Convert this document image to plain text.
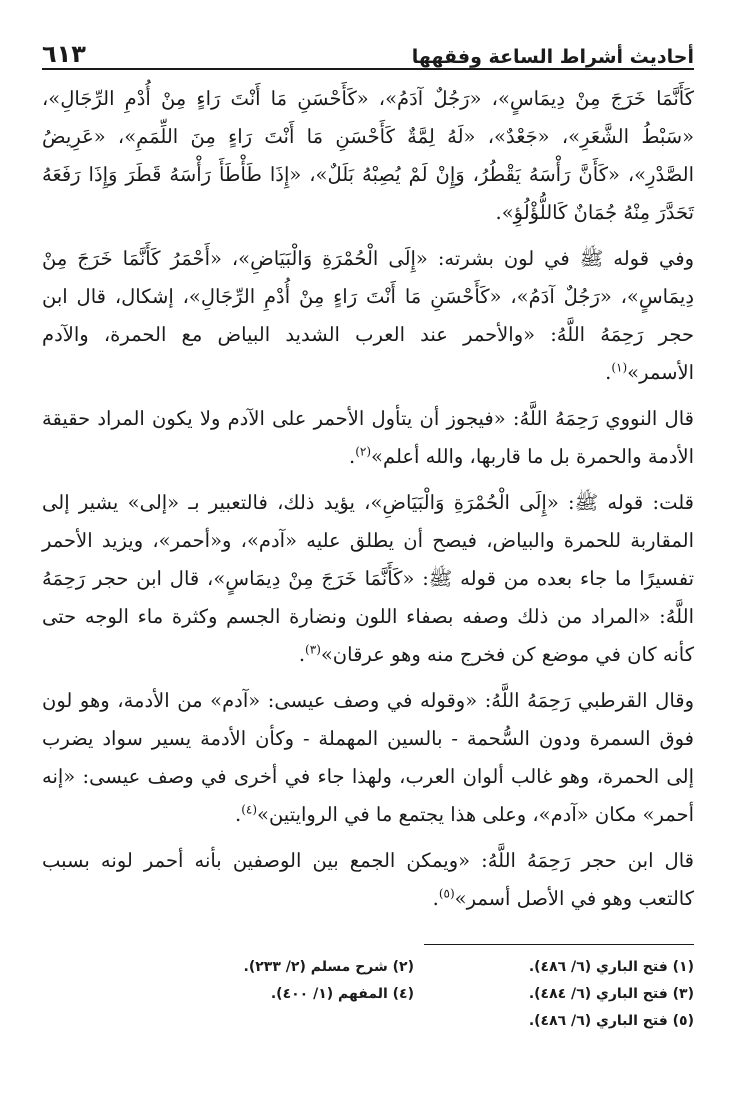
أحاديث أشراط الساعة وفقهها
٦١٣

كَأَنَّمَا خَرَجَ مِنْ دِيمَاسٍ»، «رَجُلٌ آدَمُ»، «كَأَحْسَنِ مَا أَنْتَ رَاءٍ مِنْ أُدْمِ الرِّجَالِ»، «سَبْطُ الشَّعَرِ»، «جَعْدٌ»، «لَهُ لِمَّةٌ كَأَحْسَنِ مَا أَنْتَ رَاءٍ مِنَ اللِّمَمِ»، «عَرِيضُ الصَّدْرِ»، «كَأَنَّ رَأْسَهُ يَقْطُرُ، وَإِنْ لَمْ يُصِبْهُ بَلَلٌ»، «إِذَا طَأْطَأَ رَأْسَهُ قَطَرَ وَإِذَا رَفَعَهُ تَحَدَّرَ مِنْهُ جُمَانٌ كَاللُّؤْلُؤِ».

وفي قوله ﷺ في لون بشرته: «إِلَى الْحُمْرَةِ وَالْبَيَاضِ»، «أَحْمَرُ كَأَنَّمَا خَرَجَ مِنْ دِيمَاسٍ»، «رَجُلٌ آدَمُ»، «كَأَحْسَنِ مَا أَنْتَ رَاءٍ مِنْ أُدْمِ الرِّجَالِ»، إشكال، قال ابن حجر رَحِمَهُ اللَّهُ: «والأحمر عند العرب الشديد البياض مع الحمرة، والآدم الأسمر»$^{(١)}$.

قال النووي رَحِمَهُ اللَّهُ: «فيجوز أن يتأول الأحمر على الآدم ولا يكون المراد حقيقة الأدمة والحمرة بل ما قاربها، والله أعلم»$^{(٢)}$.

قلت: قوله ﷺ: «إِلَى الْحُمْرَةِ وَالْبَيَاضِ»، يؤيد ذلك، فالتعبير بـ «إلى» يشير إلى المقاربة للحمرة والبياض، فيصح أن يطلق عليه «آدم»، و«أحمر»، ويزيد الأحمر تفسيرًا ما جاء بعده من قوله ﷺ: «كَأَنَّمَا خَرَجَ مِنْ دِيمَاسٍ»، قال ابن حجر رَحِمَهُ اللَّهُ: «المراد من ذلك وصفه بصفاء اللون ونضارة الجسم وكثرة ماء الوجه حتى كأنه كان في موضع كن فخرج منه وهو عرقان»$^{(٣)}$.

وقال القرطبي رَحِمَهُ اللَّهُ: «وقوله في وصف عيسى: «آدم» من الأدمة، وهو لون فوق السمرة ودون السُّحمة - بالسين المهملة - وكأن الأدمة يسير سواد يضرب إلى الحمرة، وهو غالب ألوان العرب، ولهذا جاء في أخرى في وصف عيسى: «إنه أحمر» مكان «آدم»، وعلى هذا يجتمع ما في الروايتين»$^{(٤)}$.

قال ابن حجر رَحِمَهُ اللَّهُ: «ويمكن الجمع بين الوصفين بأنه أحمر لونه بسبب كالتعب وهو في الأصل أسمر»$^{(٥)}$.

(١) فتح الباري (٦/ ٤٨٦).
(٢) شرح مسلم (٢/ ٢٣٣).
(٣) فتح الباري (٦/ ٤٨٤).
(٤) المفهم (١/ ٤٠٠).
(٥) فتح الباري (٦/ ٤٨٦).
